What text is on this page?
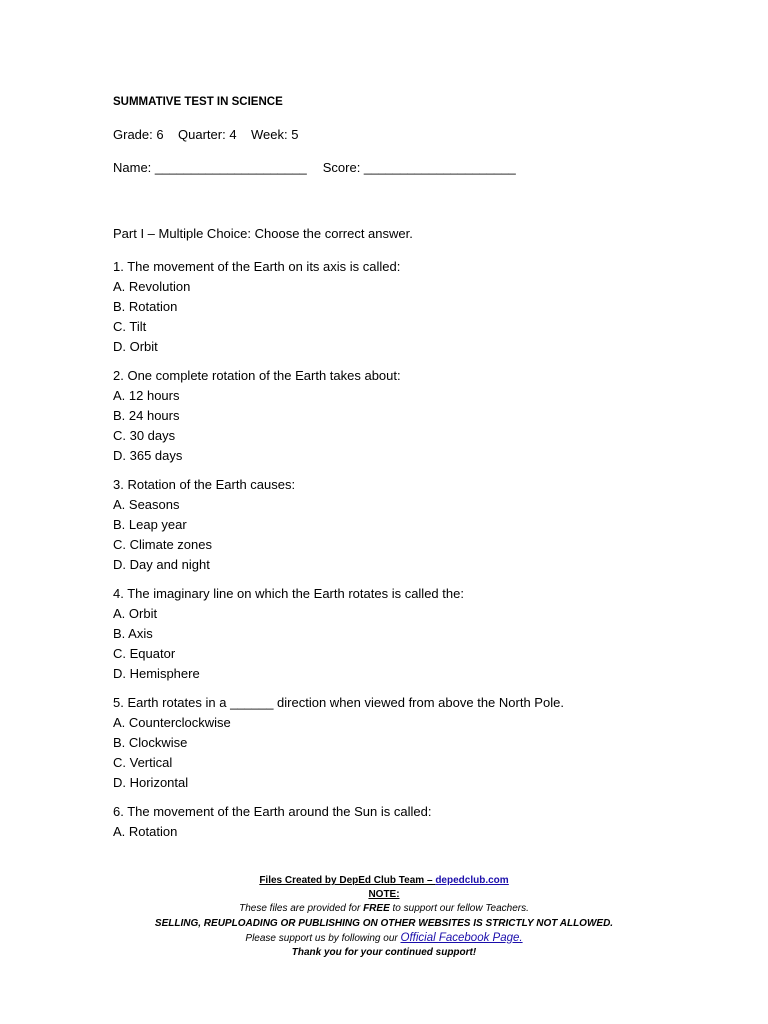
SUMMATIVE TEST IN SCIENCE
Grade: 6    Quarter: 4    Week: 5
Name: _____________________ Score: _____________________
Part I – Multiple Choice: Choose the correct answer.
1. The movement of the Earth on its axis is called:
A. Revolution
B. Rotation
C. Tilt
D. Orbit
2. One complete rotation of the Earth takes about:
A. 12 hours
B. 24 hours
C. 30 days
D. 365 days
3. Rotation of the Earth causes:
A. Seasons
B. Leap year
C. Climate zones
D. Day and night
4. The imaginary line on which the Earth rotates is called the:
A. Orbit
B. Axis
C. Equator
D. Hemisphere
5. Earth rotates in a ______ direction when viewed from above the North Pole.
A. Counterclockwise
B. Clockwise
C. Vertical
D. Horizontal
6. The movement of the Earth around the Sun is called:
A. Rotation
Files Created by DepEd Club Team – depedclub.com
NOTE:
These files are provided for FREE to support our fellow Teachers.
SELLING, REUPLOADING OR PUBLISHING ON OTHER WEBSITES IS STRICTLY NOT ALLOWED.
Please support us by following our Official Facebook Page.
Thank you for your continued support!
